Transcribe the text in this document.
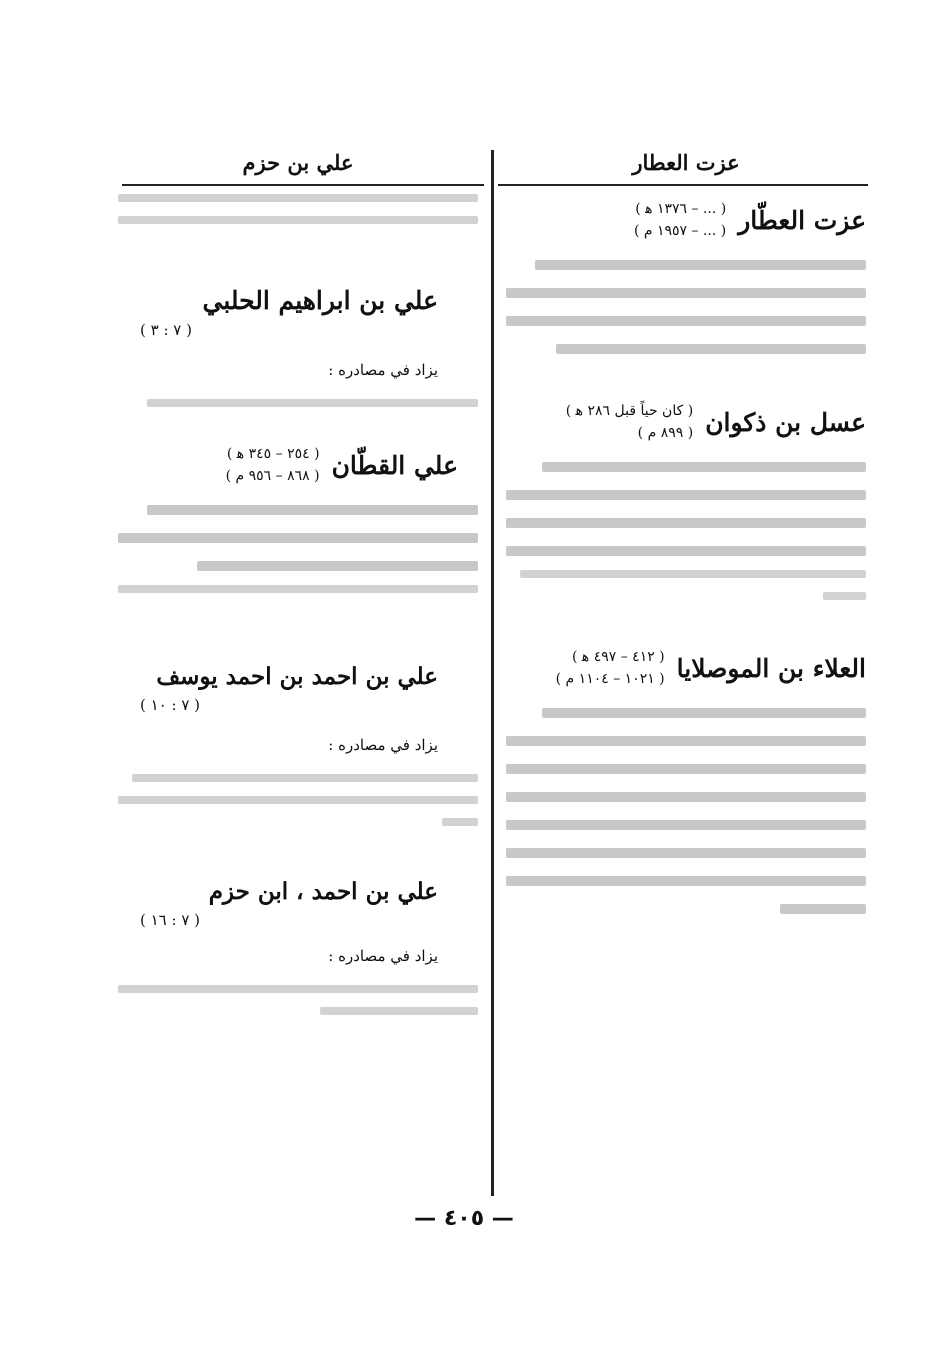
عزت العطار
عزت العطّار
( ... – ١٣٧٦ ﻫ )
( ... – ١٩٥٧ م )
عسل بن ذكوان
( كان حياً قبل ٢٨٦ ﻫ )
( ٨٩٩ م )
العلاء بن الموصلايا
( ٤١٢ – ٤٩٧ ﻫ )
( ١٠٢١ – ١١٠٤ م )
علي بن حزم
علي بن ابراهيم الحلبي
( ٧ : ٣ )
يزاد في مصادره :
علي القطّان
( ٢٥٤ – ٣٤٥ ﻫ )
( ٨٦٨ – ٩٥٦ م )
علي بن احمد بن احمد يوسف
( ٧ : ١٠ )
يزاد في مصادره :
علي بن احمد ، ابن حزم
( ٧ : ١٦ )
يزاد في مصادره :
— ٤٠٥ —
